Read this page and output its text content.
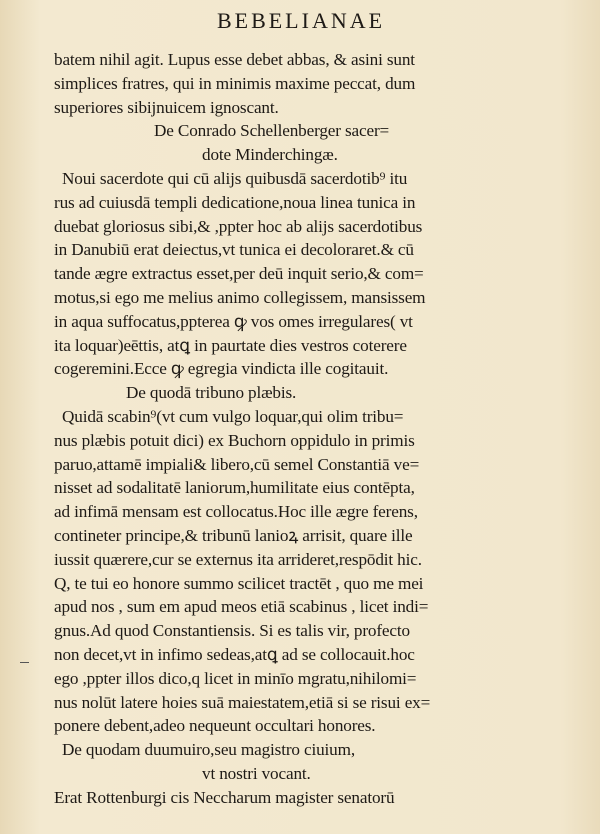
BEBELIANAE
batem nihil agit. Lupus esse debet abbas, & asini sunt
simplices fratres, qui in minimis maxime peccat, dum
superiores sibijnuicem ignoscant.
De Conrado Schellenberger sacer=
dote Minderchingæ.
Noui sacerdote qui cū alijs quibusdā sacerdotib⁹ itu
rus ad cuiusdā templi dedicatione,noua linea tunica in
duebat gloriosus sibi,& ,ppter hoc ab alijs sacerdotibus
in Danubiū erat deiectus,vt tunica ei decoloraret.& cū
tande ægre extractus esset,per deū inquit serio,& com=
motus,si ego me melius animo collegissem, mansissem
in aqua suffocatus,ppterea ꝙ vos omes irregulares( vt
ita loquar)eēttis, atꝗ in paurtate dies vestros coterere
cogeremini.Ecce ꝙ egregia vindicta ille cogitauit.
De quodā tribuno plæbis.
Quidā scabin⁹(vt cum vulgo loquar,qui olim tribu=
nus plæbis potuit dici) ex Buchorn oppidulo in primis
paruo,attamē impiali& libero,cū semel Constantiā ve=
nisset ad sodalitatē laniorum,humilitate eius contēpta,
ad infimā mensam est collocatus.Hoc ille ægre ferens,
contineter principe,& tribunū lanioꝝ arrisit, quare ille
iussit quærere,cur se externus ita arrideret,respōdit hic.
Q, te tui eo honore summo scilicet tractēt , quo me mei
apud nos , sum em apud meos etiā scabinus , licet indi=
gnus.Ad quod Constantiensis. Si es talis vir, profecto
non decet,vt in infimo sedeas,atꝗ ad se collocauit.hoc
ego ,ppter illos dico,q licet in minīo mgratu,nihilomi=
nus nolūt latere hoies suā maiestatem,etiā si se risui ex=
ponere debent,adeo nequeunt occultari honores.
De quodam duumuiro,seu magistro ciuium,
vt nostri vocant.
Erat Rottenburgi cis Neccharum magister senatorū
